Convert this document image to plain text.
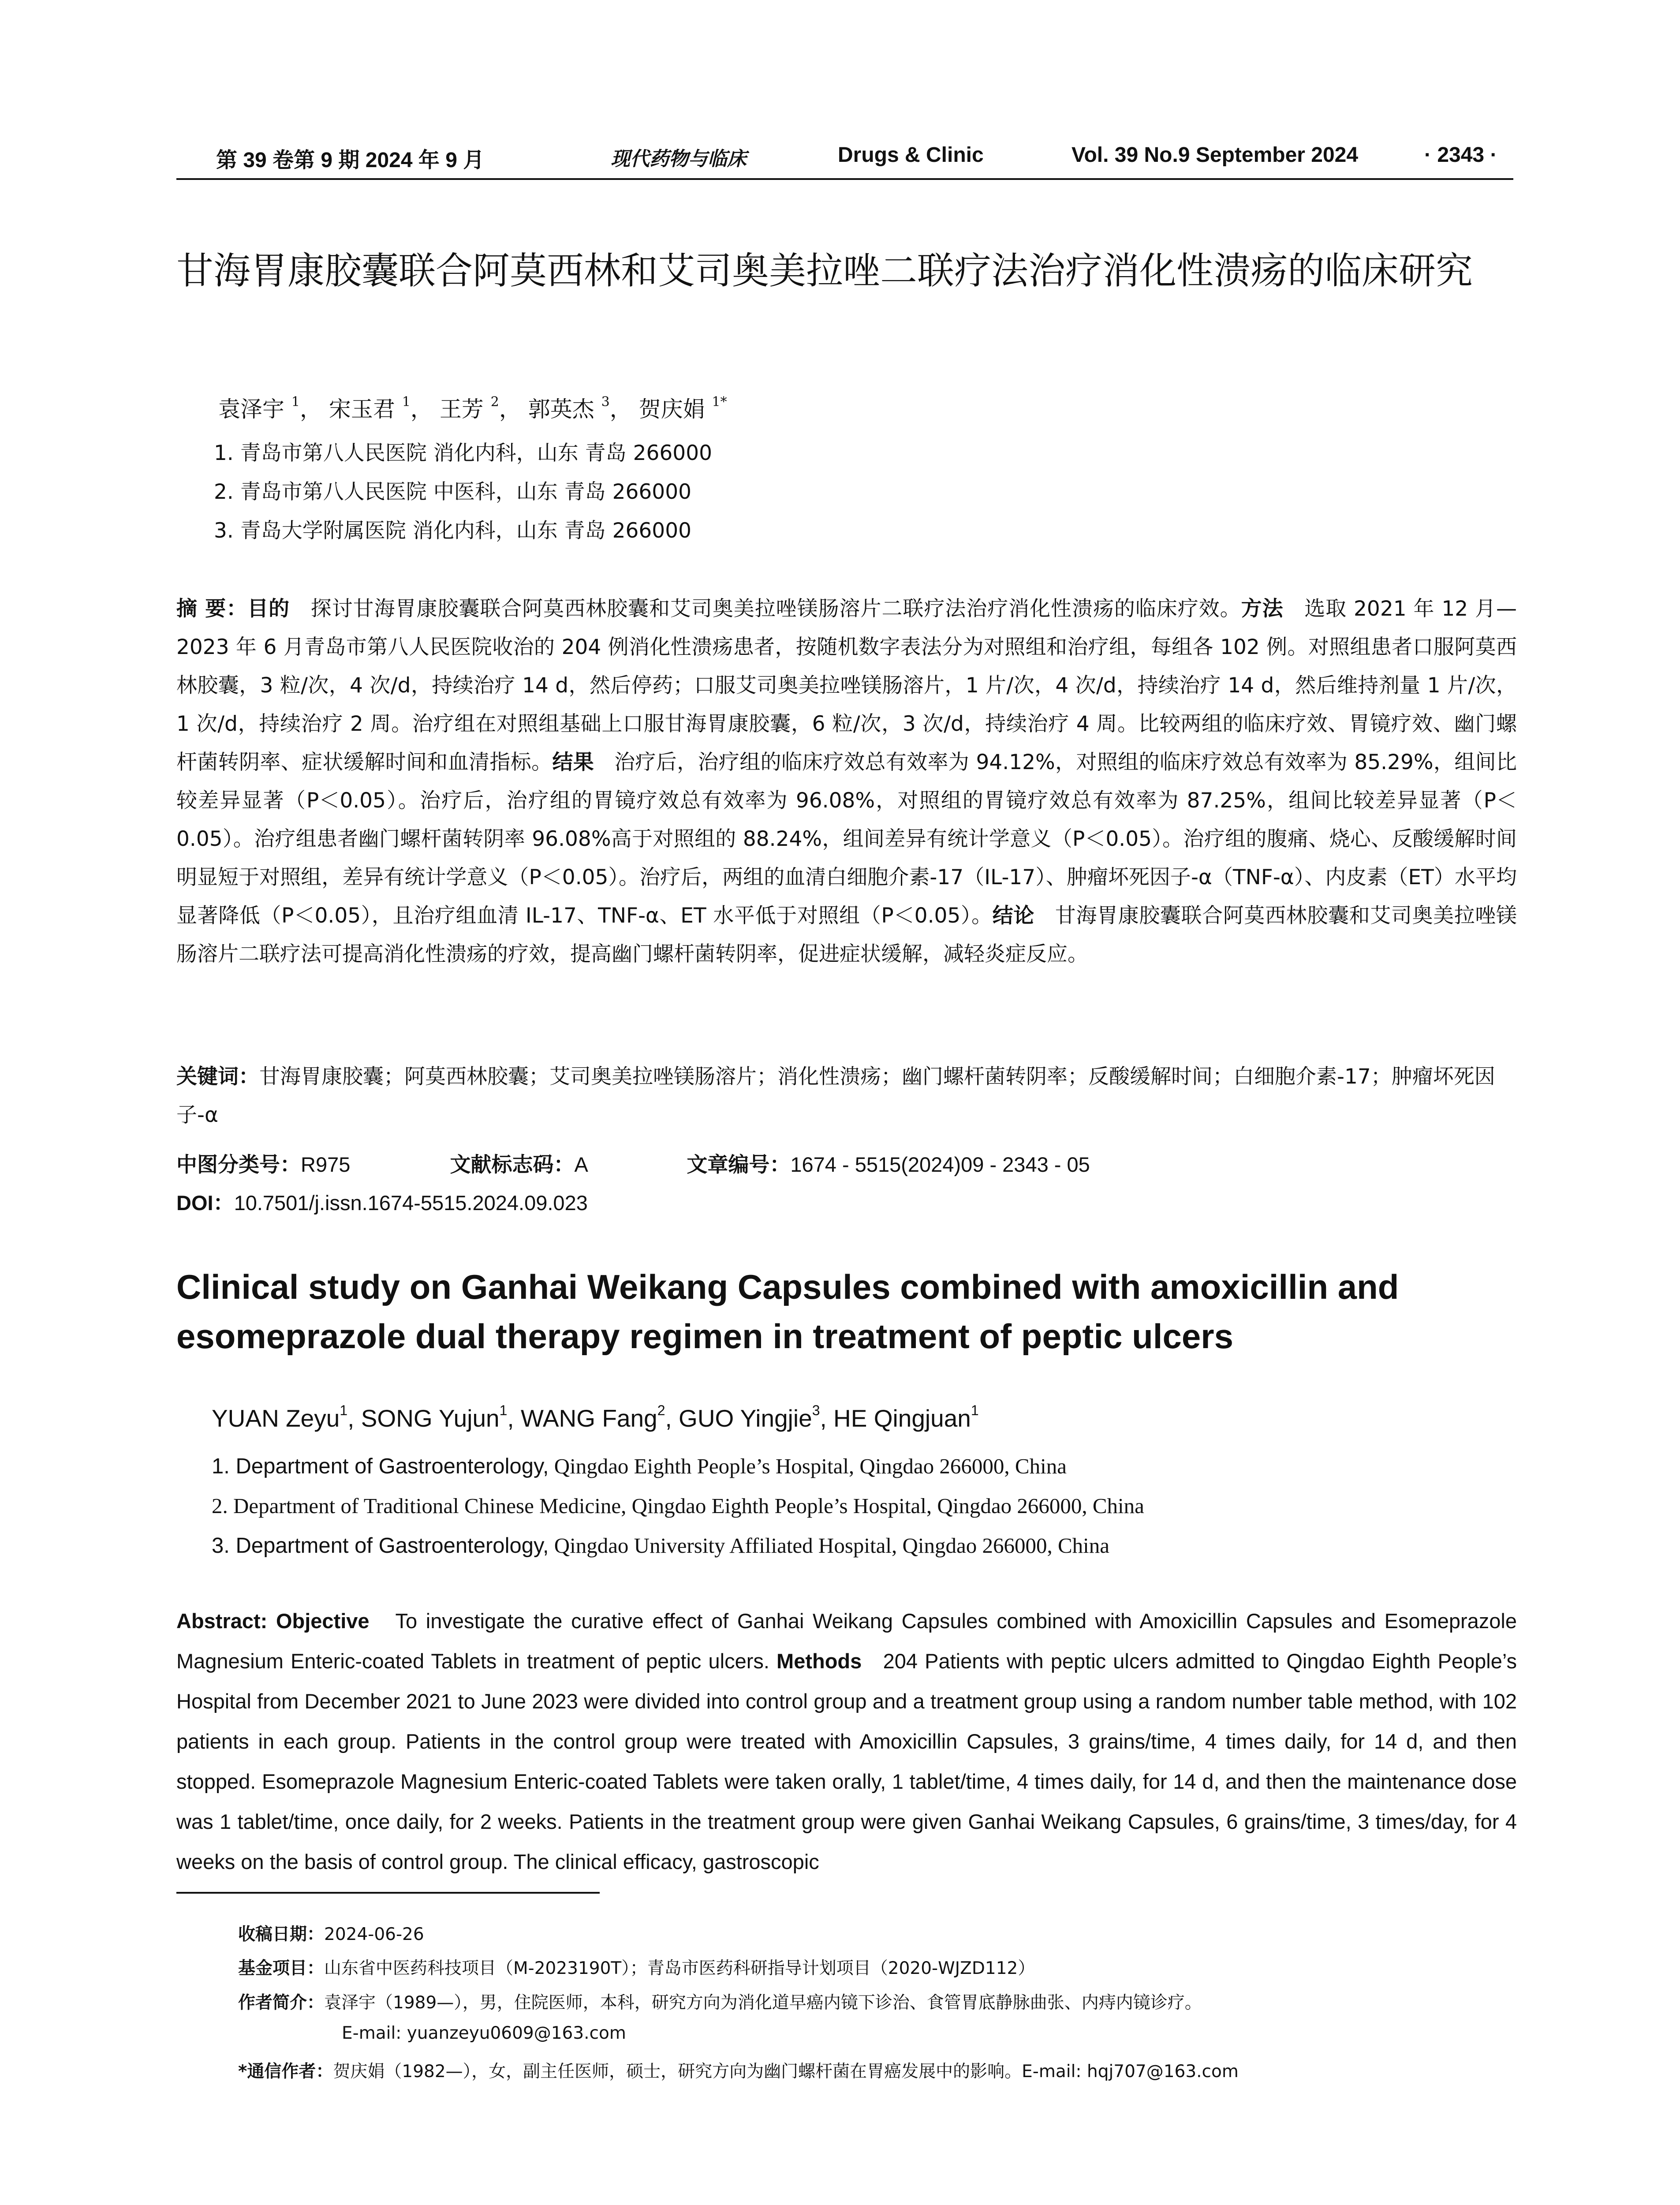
第 39 卷第 9 期 2024 年 9 月	现代药物与临床	Drugs & Clinic	Vol. 39 No.9 September 2024	· 2343 ·
甘海胃康胶囊联合阿莫西林和艾司奥美拉唑二联疗法治疗消化性溃疡的临床研究
袁泽宇 $^1$， 宋玉君 $^1$， 王芳 $^2$， 郭英杰 $^3$， 贺庆娟 $^{1*}$
1. 青岛市第八人民医院 消化内科，山东 青岛 266000
2. 青岛市第八人民医院 中医科，山东 青岛 266000
3. 青岛大学附属医院 消化内科，山东 青岛 266000
摘 要：目的 探讨甘海胃康胶囊联合阿莫西林胶囊和艾司奥美拉唑镁肠溶片二联疗法治疗消化性溃疡的临床疗效。方法 选取 2021 年 12 月—2023 年 6 月青岛市第八人民医院收治的 204 例消化性溃疡患者，按随机数字表法分为对照组和治疗组，每组各 102 例。对照组患者口服阿莫西林胶囊，3 粒/次，4 次/d，持续治疗 14 d，然后停药；口服艾司奥美拉唑镁肠溶片，1 片/次，4 次/d，持续治疗 14 d，然后维持剂量 1 片/次，1 次/d，持续治疗 2 周。治疗组在对照组基础上口服甘海胃康胶囊，6 粒/次，3 次/d，持续治疗 4 周。比较两组的临床疗效、胃镜疗效、幽门螺杆菌转阴率、症状缓解时间和血清指标。结果 治疗后，治疗组的临床疗效总有效率为 94.12%，对照组的临床疗效总有效率为 85.29%，组间比较差异显著（P＜0.05）。治疗后，治疗组的胃镜疗效总有效率为 96.08%，对照组的胃镜疗效总有效率为 87.25%，组间比较差异显著（P＜0.05）。治疗组患者幽门螺杆菌转阴率 96.08%高于对照组的 88.24%，组间差异有统计学意义（P＜0.05）。治疗组的腹痛、烧心、反酸缓解时间明显短于对照组，差异有统计学意义（P＜0.05）。治疗后，两组的血清白细胞介素-17（IL-17）、肿瘤坏死因子-α（TNF-α）、内皮素（ET）水平均显著降低（P＜0.05），且治疗组血清 IL-17、TNF-α、ET 水平低于对照组（P＜0.05）。结论 甘海胃康胶囊联合阿莫西林胶囊和艾司奥美拉唑镁肠溶片二联疗法可提高消化性溃疡的疗效，提高幽门螺杆菌转阴率，促进症状缓解，减轻炎症反应。
关键词：甘海胃康胶囊；阿莫西林胶囊；艾司奥美拉唑镁肠溶片；消化性溃疡；幽门螺杆菌转阴率；反酸缓解时间；白细胞介素-17；肿瘤坏死因子-α
中图分类号：R975	文献标志码：A	文章编号：1674 - 5515(2024)09 - 2343 - 05
DOI：10.7501/j.issn.1674-5515.2024.09.023
Clinical study on Ganhai Weikang Capsules combined with amoxicillin and esomeprazole dual therapy regimen in treatment of peptic ulcers
YUAN Zeyu$^1$, SONG Yujun$^1$, WANG Fang$^2$, GUO Yingjie$^3$, HE Qingjuan$^1$
1. Department of Gastroenterology, Qingdao Eighth People’s Hospital, Qingdao 266000, China
2. Department of Traditional Chinese Medicine, Qingdao Eighth People’s Hospital, Qingdao 266000, China
3. Department of Gastroenterology, Qingdao University Affiliated Hospital, Qingdao 266000, China
Abstract: Objective To investigate the curative effect of Ganhai Weikang Capsules combined with Amoxicillin Capsules and Esomeprazole Magnesium Enteric-coated Tablets in treatment of peptic ulcers. Methods 204 Patients with peptic ulcers admitted to Qingdao Eighth People’s Hospital from December 2021 to June 2023 were divided into control group and a treatment group using a random number table method, with 102 patients in each group. Patients in the control group were treated with Amoxicillin Capsules, 3 grains/time, 4 times daily, for 14 d, and then stopped. Esomeprazole Magnesium Enteric-coated Tablets were taken orally, 1 tablet/time, 4 times daily, for 14 d, and then the maintenance dose was 1 tablet/time, once daily, for 2 weeks. Patients in the treatment group were given Ganhai Weikang Capsules, 6 grains/time, 3 times/day, for 4 weeks on the basis of control group. The clinical efficacy, gastroscopic
收稿日期：2024-06-26
基金项目：山东省中医药科技项目（M-2023190T）；青岛市医药科研指导计划项目（2020-WJZD112）
作者简介：袁泽宇（1989—），男，住院医师，本科，研究方向为消化道早癌内镜下诊治、食管胃底静脉曲张、内痔内镜诊疗。
E-mail: yuanzeyu0609@163.com
*通信作者：贺庆娟（1982—），女，副主任医师，硕士，研究方向为幽门螺杆菌在胃癌发展中的影响。E-mail: hqj707@163.com
